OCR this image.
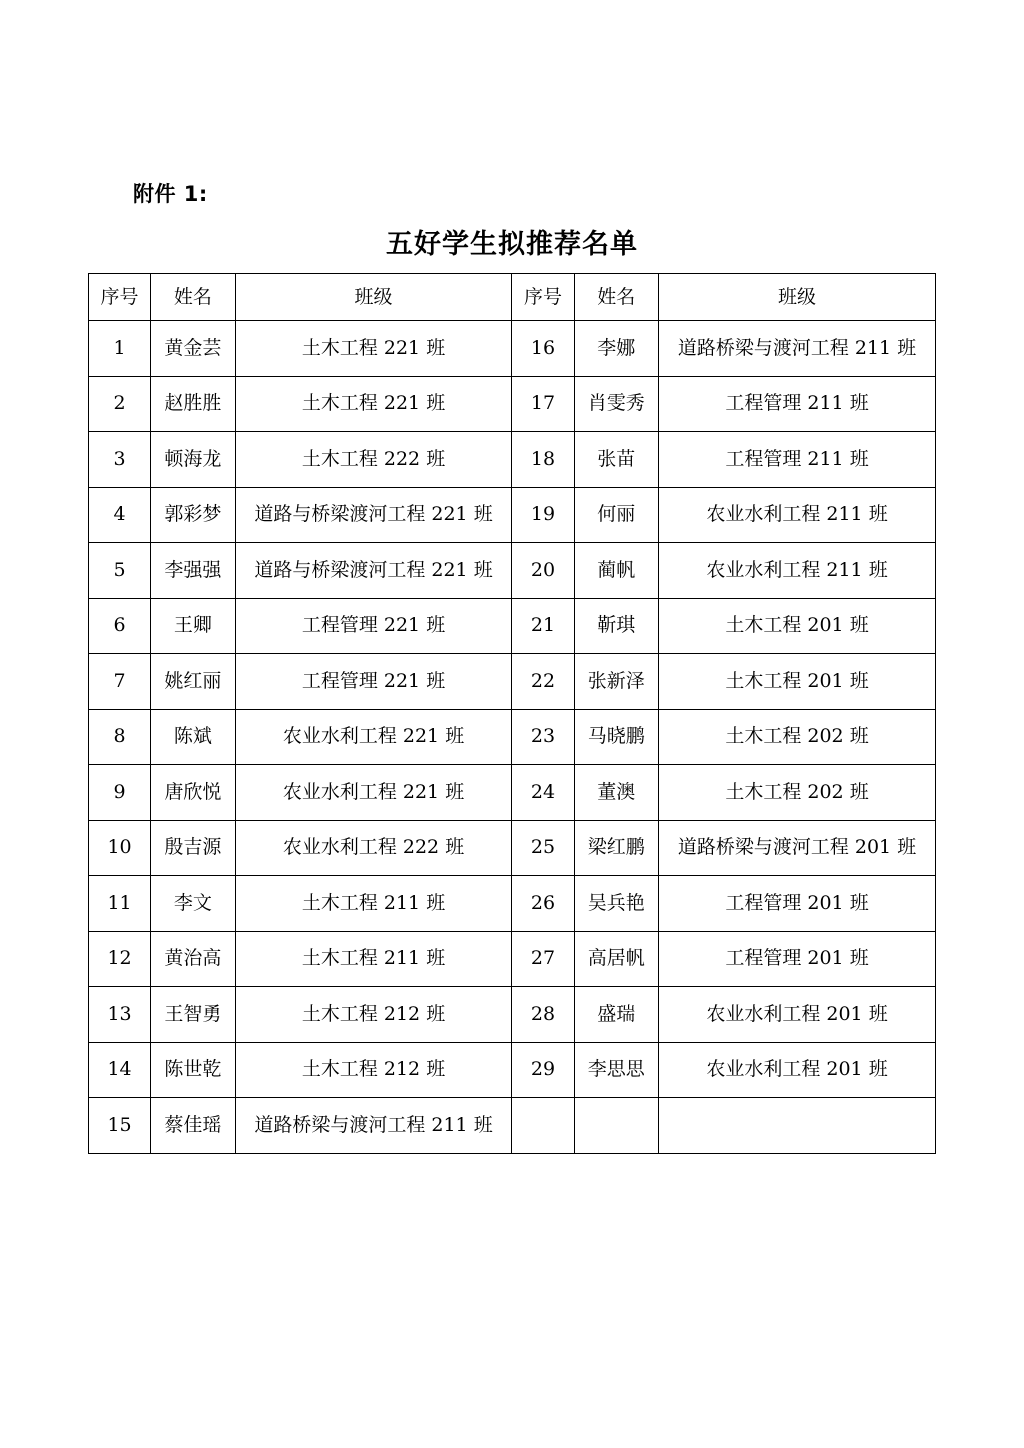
附件 1:
五好学生拟推荐名单
序号	姓名	班级	序号	姓名	班级
1	黄金芸	土木工程 221 班	16	李娜	道路桥梁与渡河工程 211 班
2	赵胜胜	土木工程 221 班	17	肖雯秀	工程管理 211 班
3	顿海龙	土木工程 222 班	18	张苗	工程管理 211 班
4	郭彩梦	道路与桥梁渡河工程 221 班	19	何丽	农业水利工程 211 班
5	李强强	道路与桥梁渡河工程 221 班	20	蔺帆	农业水利工程 211 班
6	王卿	工程管理 221 班	21	靳琪	土木工程 201 班
7	姚红丽	工程管理 221 班	22	张新泽	土木工程 201 班
8	陈斌	农业水利工程 221 班	23	马晓鹏	土木工程 202 班
9	唐欣悦	农业水利工程 221 班	24	董澳	土木工程 202 班
10	殷吉源	农业水利工程 222 班	25	梁红鹏	道路桥梁与渡河工程 201 班
11	李文	土木工程 211 班	26	吴兵艳	工程管理 201 班
12	黄治高	土木工程 211 班	27	高居帆	工程管理 201 班
13	王智勇	土木工程 212 班	28	盛瑞	农业水利工程 201 班
14	陈世乾	土木工程 212 班	29	李思思	农业水利工程 201 班
15	蔡佳瑶	道路桥梁与渡河工程 211 班			
